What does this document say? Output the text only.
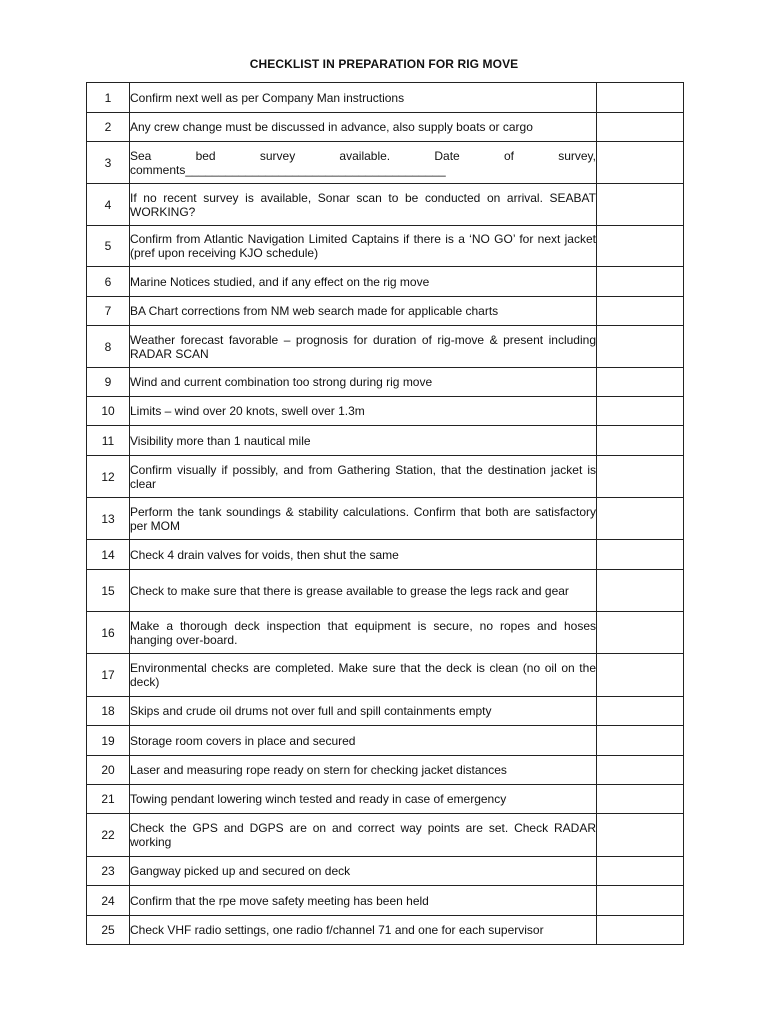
CHECKLIST IN PREPARATION FOR RIG MOVE
1	Confirm next well as per Company Man instructions	
2	Any crew change must be discussed in advance, also supply boats or cargo	
3	Sea bed survey available. Date of survey, comments_______________________________________	
4	If no recent survey is available, Sonar scan to be conducted on arrival. SEABAT WORKING?	
5	Confirm from Atlantic Navigation Limited Captains if there is a ‘NO GO’ for next jacket (pref upon receiving KJO schedule)	
6	Marine Notices studied, and if any effect on the rig move	
7	BA Chart corrections from NM web search made for applicable charts	
8	Weather forecast favorable – prognosis for duration of rig-move & present including RADAR SCAN	
9	Wind and current combination too strong during rig move	
10	Limits – wind over 20 knots, swell over 1.3m	
11	Visibility more than 1 nautical mile	
12	Confirm visually if possibly, and from Gathering Station, that the destination jacket is clear	
13	Perform the tank soundings & stability calculations. Confirm that both are satisfactory per MOM	
14	Check 4 drain valves for voids, then shut the same	
15	Check to make sure that there is grease available to grease the legs rack and gear	
16	Make a thorough deck inspection that equipment is secure, no ropes and hoses hanging over-board.	
17	Environmental checks are completed. Make sure that the deck is clean (no oil on the deck)	
18	Skips and crude oil drums not over full and spill containments empty	
19	Storage room covers in place and secured	
20	Laser and measuring rope ready on stern for checking jacket distances	
21	Towing pendant lowering winch tested and ready in case of emergency	
22	Check the GPS and DGPS are on and correct way points are set. Check RADAR working	
23	Gangway picked up and secured on deck	
24	Confirm that the rpe move safety meeting has been held	
25	Check VHF radio settings, one radio f/channel 71 and one for each supervisor	
